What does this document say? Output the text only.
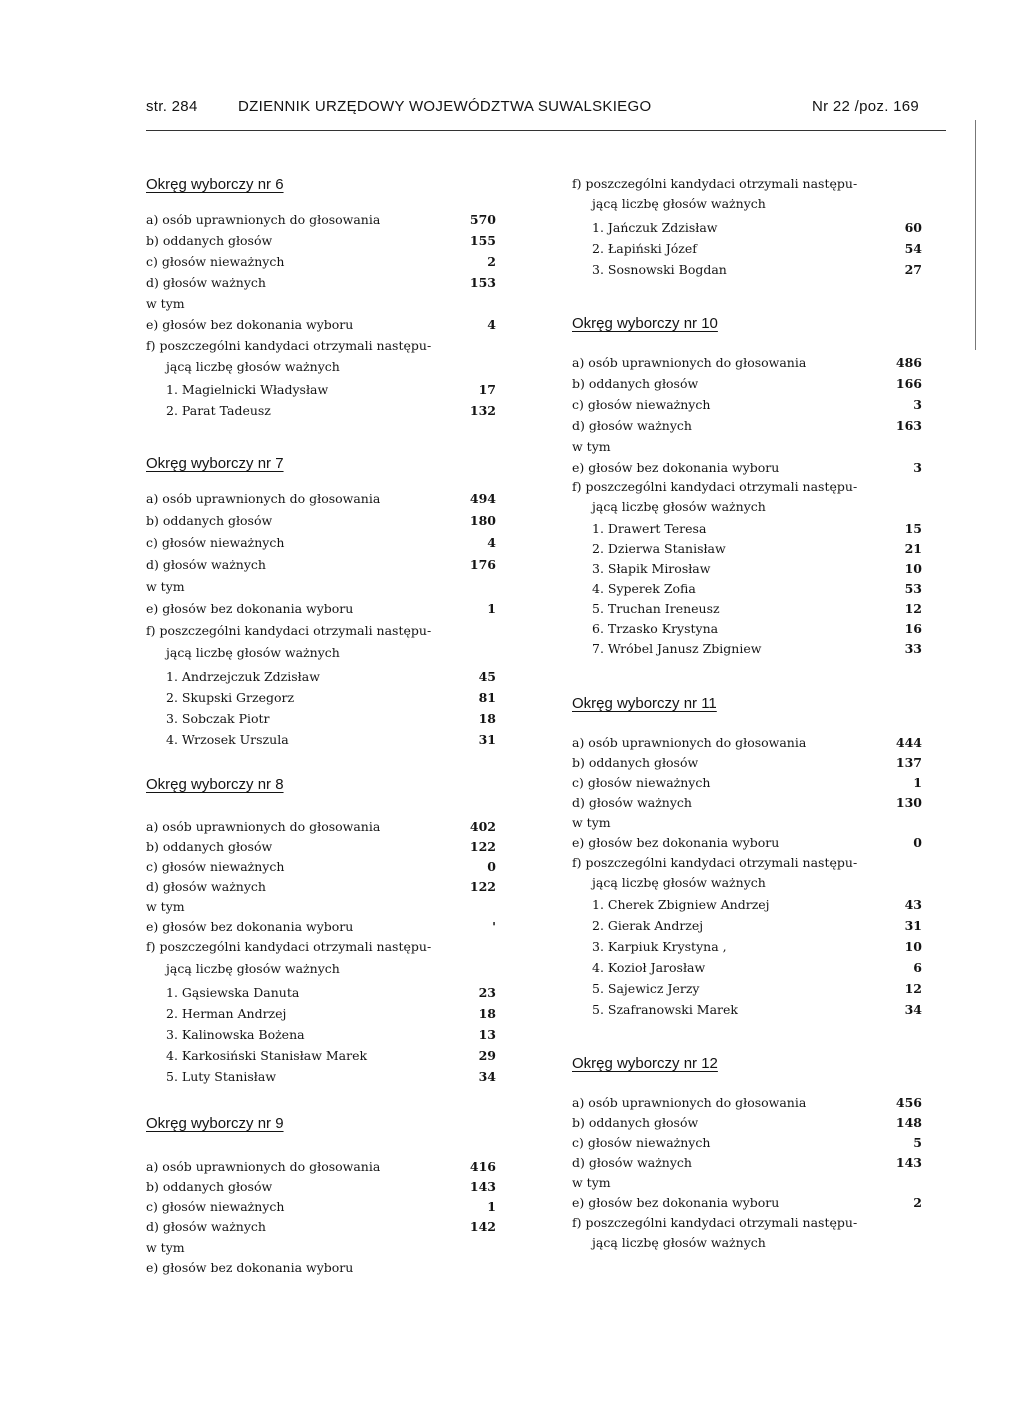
str. 284	DZIENNIK URZĘDOWY WOJEWÓDZTWA SUWALSKIEGO	Nr 22 /poz. 169
Okręg wyborczy nr 6
a) osób uprawnionych do głosowania	570
b) oddanych głosów	155
c) głosów nieważnych	2
d) głosów ważnych	153
w tym
e) głosów bez dokonania wyboru	4
f) poszczególni kandydaci otrzymali następu-
jącą liczbę głosów ważnych
1. Magielnicki Władysław	17
2. Parat Tadeusz	132
Okręg wyborczy nr 7
a) osób uprawnionych do głosowania	494
b) oddanych głosów	180
c) głosów nieważnych	4
d) głosów ważnych	176
w tym
e) głosów bez dokonania wyboru	1
f) poszczególni kandydaci otrzymali następu-
jącą liczbę głosów ważnych
1. Andrzejczuk Zdzisław	45
2. Skupski Grzegorz	81
3. Sobczak Piotr	18
4. Wrzosek Urszula	31
Okręg wyborczy nr 8
a) osób uprawnionych do głosowania	402
b) oddanych głosów	122
c) głosów nieważnych	0
d) głosów ważnych	122
w tym
e) głosów bez dokonania wyboru	'
f) poszczególni kandydaci otrzymali następu-
jącą liczbę głosów ważnych
1. Gąsiewska Danuta	23
2. Herman Andrzej	18
3. Kalinowska Bożena	13
4. Karkosiński Stanisław Marek	29
5. Luty Stanisław	34
Okręg wyborczy nr 9
a) osób uprawnionych do głosowania	416
b) oddanych głosów	143
c) głosów nieważnych	1
d) głosów ważnych	142
w tym
e) głosów bez dokonania wyboru
f) poszczególni kandydaci otrzymali następu-
jącą liczbę głosów ważnych
1. Jańczuk Zdzisław	60
2. Łapiński Józef	54
3. Sosnowski Bogdan	27
Okręg wyborczy nr 10
a) osób uprawnionych do głosowania	486
b) oddanych głosów	166
c) głosów nieważnych	3
d) głosów ważnych	163
w tym
e) głosów bez dokonania wyboru	3
f) poszczególni kandydaci otrzymali następu-
jącą liczbę głosów ważnych
1. Drawert Teresa	15
2. Dzierwa Stanisław	21
3. Słapik Mirosław	10
4. Syperek Zofia	53
5. Truchan Ireneusz	12
6. Trzasko Krystyna	16
7. Wróbel Janusz Zbigniew	33
Okręg wyborczy nr 11
a) osób uprawnionych do głosowania	444
b) oddanych głosów	137
c) głosów nieważnych	1
d) głosów ważnych	130
w tym
e) głosów bez dokonania wyboru	0
f) poszczególni kandydaci otrzymali następu-
jącą liczbę głosów ważnych
1. Cherek Zbigniew Andrzej	43
2. Gierak Andrzej	31
3. Karpiuk Krystyna ,	10
4. Kozioł Jarosław	6
5. Sajewicz Jerzy	12
5. Szafranowski Marek	34
Okręg wyborczy nr 12
a) osób uprawnionych do głosowania	456
b) oddanych głosów	148
c) głosów nieważnych	5
d) głosów ważnych	143
w tym
e) głosów bez dokonania wyboru	2
f) poszczególni kandydaci otrzymali następu-
jącą liczbę głosów ważnych
